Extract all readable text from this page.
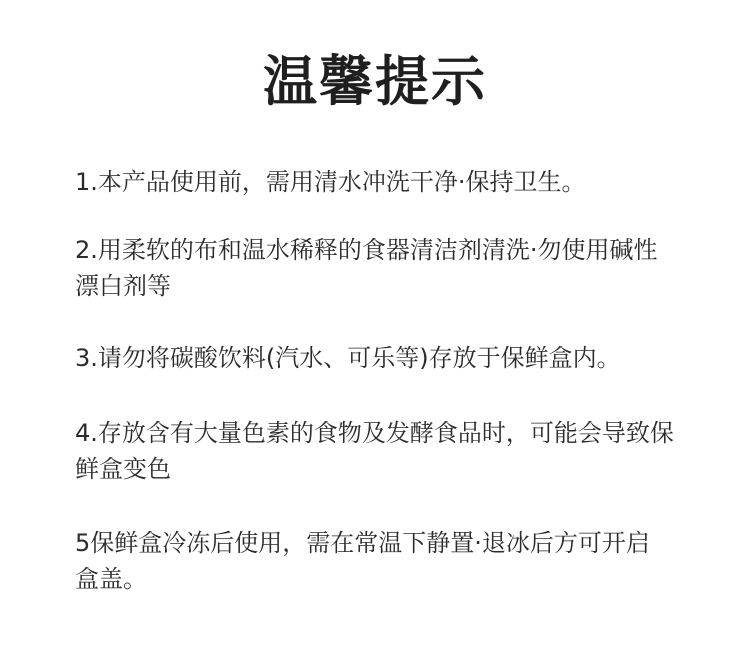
温馨提示
1.本产品使用前，需用清水冲洗干净·保持卫生。
2.用柔软的布和温水稀释的食器清洁剂清洗·勿使用碱性
漂白剂等
3.请勿将碳酸饮料(汽水、可乐等)存放于保鲜盒内。
4.存放含有大量色素的食物及发酵食品时，可能会导致保
鲜盒变色
5保鲜盒冷冻后使用，需在常温下静置·退冰后方可开启
盒盖。
